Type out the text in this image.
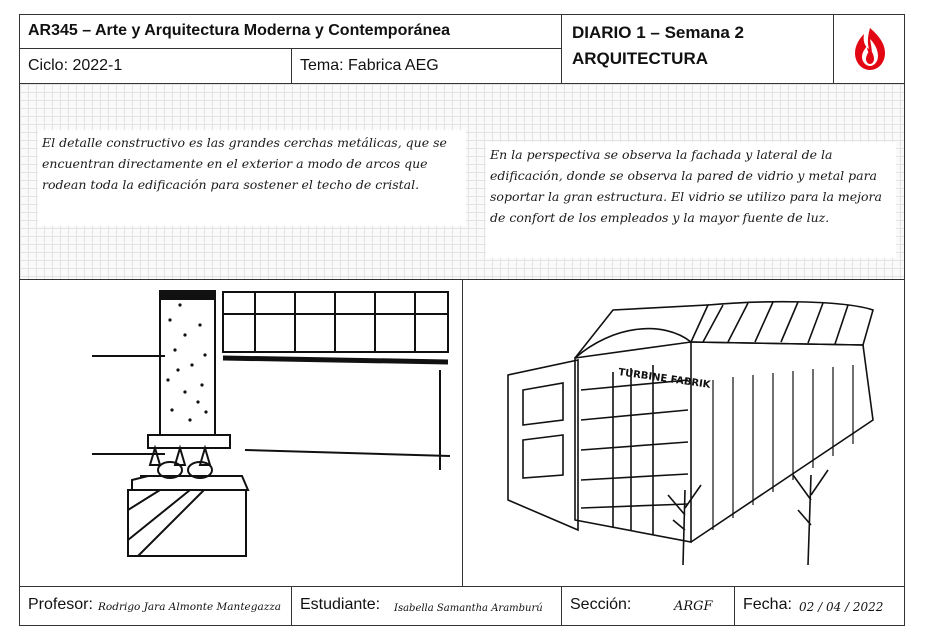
AR345 – Arte y Arquitectura Moderna y Contemporánea
Ciclo: 2022-1	Tema: Fabrica AEG
DIARIO 1 – Semana 2
ARQUITECTURA
El detalle constructivo es las grandes cerchas metálicas, que se encuentran directamente en el exterior a modo de arcos que rodean toda la edificación para sostener el techo de cristal.
En la perspectiva se observa la fachada y lateral de la edificación, donde se observa la pared de vidrio y metal para soportar la gran estructura. El vidrio se utilizo para la mejora de confort de los empleados y la mayor fuente de luz.
TURBINE FABRIK
Profesor: Rodrigo Jara Almonte Mantegazza Estudiante: Isabella Samantha Aramburú Sección:	ARGF Fecha: 02 / 04 / 2022
